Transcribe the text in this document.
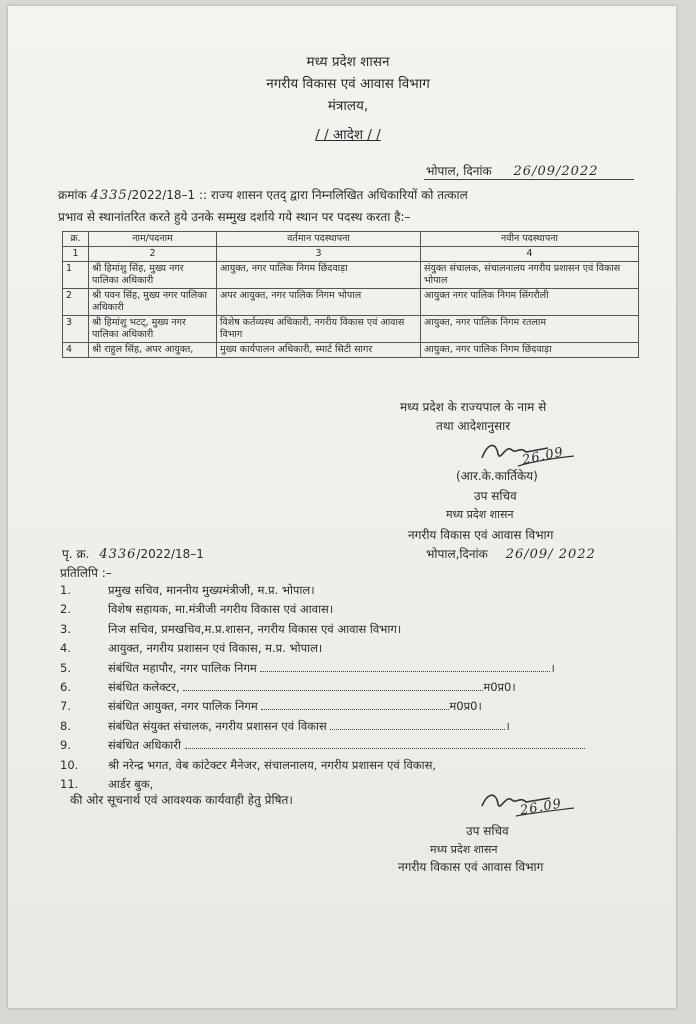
मध्य प्रदेश शासन
नगरीय विकास एवं आवास विभाग
मंत्रालय,
/ / आदेश / /
भोपाल, दिनांक 26/09/2022
क्रमांक 4335/2022/18–1 :: राज्य शासन एतद् द्वारा निम्नलिखित अधिकारियों को तत्काल
प्रभाव से स्थानांतरित करते हुये उनके सम्मुख दर्शाये गये स्थान पर पदस्थ करता है:–
क्र.	नाम/पदनाम	वर्तमान पदस्थापना	नवीन पदस्थापना
1	2	3	4
1	श्री हिमांशु सिंह, मुख्य नगर पालिका अधिकारी	आयुक्त, नगर पालिक निगम छिंदवाड़ा	संयुक्त संचालक, संचालनालय नगरीय प्रशासन एवं विकास भोपाल
2	श्री पवन सिंह, मुख्य नगर पालिका अधिकारी	अपर आयुक्त, नगर पालिक निगम भोपाल	आयुक्त नगर पालिक निगम सिंगरौली
3	श्री हिमांशु भटट्, मुख्य नगर पालिका अधिकारी	विशेष कर्तव्यस्थ अधिकारी, नगरीय विकास एवं आवास विभाग	आयुक्त, नगर पालिक निगम रतलाम
4	श्री राहुल सिंह, अपर आयुक्त,	मुख्य कार्यपालन अधिकारी, स्मार्ट सिटी सागर	आयुक्त, नगर पालिक निगम छिंदवाड़ा
मध्य प्रदेश के राज्यपाल के नाम से
तथा आदेशानुसार
26.09
(आर.के.कार्तिकेय)
उप सचिव
मध्य प्रदेश शासन
नगरीय विकास एवं आवास विभाग
पृ. क्र. 4336/2022/18–1	भोपाल,दिनांक 26/09/ 2022
प्रतिलिपि :–
1.	प्रमुख सचिव, माननीय मुख्यमंत्रीजी, म.प्र. भोपाल।
2.	विशेष सहायक, मा.मंत्रीजी नगरीय विकास एवं आवास।
3.	निज सचिव, प्रमखचिव,म.प्र.शासन, नगरीय विकास एवं आवास विभाग।
4.	आयुक्त, नगरीय प्रशासन एवं विकास, म.प्र. भोपाल।
5.	संबंधित महापौर, नगर पालिक निगम	।
6.	संबंधित कलेक्टर,	म0प्र0।
7.	संबंधित आयुक्त, नगर पालिक निगम	म0प्र0।
8.	संबंधित संयुक्त संचालक, नगरीय प्रशासन एवं विकास	।
9.	संबंधित अधिकारी
10.	श्री नरेन्द्र भगत, वेब कांटेक्टर मैनेजर, संचालनालय, नगरीय प्रशासन एवं विकास,
11.	आर्डर बुक,
की ओर सूचनार्थ एवं आवश्यक कार्यवाही हेतु प्रेषित।	26.09
उप सचिव
मध्य प्रदेश शासन
नगरीय विकास एवं आवास विभाग
